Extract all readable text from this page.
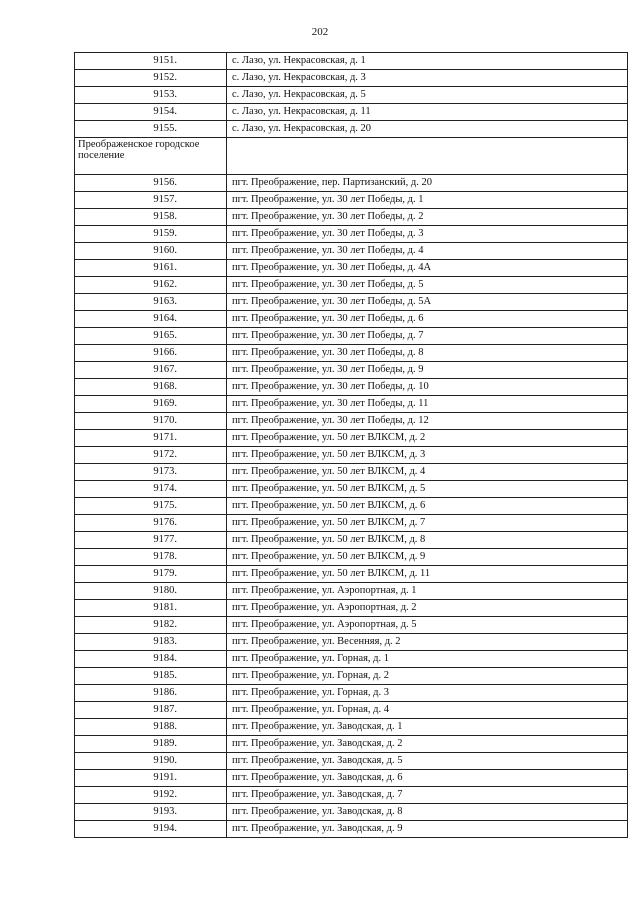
202
9151.	с. Лазо, ул. Некрасовская, д. 1
9152.	с. Лазо, ул. Некрасовская, д. 3
9153.	с. Лазо, ул. Некрасовская, д. 5
9154.	с. Лазо, ул. Некрасовская, д. 11
9155.	с. Лазо, ул. Некрасовская, д. 20
Преображенское городское поселение	
9156.	пгт. Преображение, пер. Партизанский, д. 20
9157.	пгт. Преображение, ул. 30 лет Победы, д. 1
9158.	пгт. Преображение, ул. 30 лет Победы, д. 2
9159.	пгт. Преображение, ул. 30 лет Победы, д. 3
9160.	пгт. Преображение, ул. 30 лет Победы, д. 4
9161.	пгт. Преображение, ул. 30 лет Победы, д. 4А
9162.	пгт. Преображение, ул. 30 лет Победы, д. 5
9163.	пгт. Преображение, ул. 30 лет Победы, д. 5А
9164.	пгт. Преображение, ул. 30 лет Победы, д. 6
9165.	пгт. Преображение, ул. 30 лет Победы, д. 7
9166.	пгт. Преображение, ул. 30 лет Победы, д. 8
9167.	пгт. Преображение, ул. 30 лет Победы, д. 9
9168.	пгт. Преображение, ул. 30 лет Победы, д. 10
9169.	пгт. Преображение, ул. 30 лет Победы, д. 11
9170.	пгт. Преображение, ул. 30 лет Победы, д. 12
9171.	пгт. Преображение, ул. 50 лет ВЛКСМ, д. 2
9172.	пгт. Преображение, ул. 50 лет ВЛКСМ, д. 3
9173.	пгт. Преображение, ул. 50 лет ВЛКСМ, д. 4
9174.	пгт. Преображение, ул. 50 лет ВЛКСМ, д. 5
9175.	пгт. Преображение, ул. 50 лет ВЛКСМ, д. 6
9176.	пгт. Преображение, ул. 50 лет ВЛКСМ, д. 7
9177.	пгт. Преображение, ул. 50 лет ВЛКСМ, д. 8
9178.	пгт. Преображение, ул. 50 лет ВЛКСМ, д. 9
9179.	пгт. Преображение, ул. 50 лет ВЛКСМ, д. 11
9180.	пгт. Преображение, ул. Аэропортная, д. 1
9181.	пгт. Преображение, ул. Аэропортная, д. 2
9182.	пгт. Преображение, ул. Аэропортная, д. 5
9183.	пгт. Преображение, ул. Весенняя, д. 2
9184.	пгт. Преображение, ул. Горная, д. 1
9185.	пгт. Преображение, ул. Горная, д. 2
9186.	пгт. Преображение, ул. Горная, д. 3
9187.	пгт. Преображение, ул. Горная, д. 4
9188.	пгт. Преображение, ул. Заводская, д. 1
9189.	пгт. Преображение, ул. Заводская, д. 2
9190.	пгт. Преображение, ул. Заводская, д. 5
9191.	пгт. Преображение, ул. Заводская, д. 6
9192.	пгт. Преображение, ул. Заводская, д. 7
9193.	пгт. Преображение, ул. Заводская, д. 8
9194.	пгт. Преображение, ул. Заводская, д. 9
